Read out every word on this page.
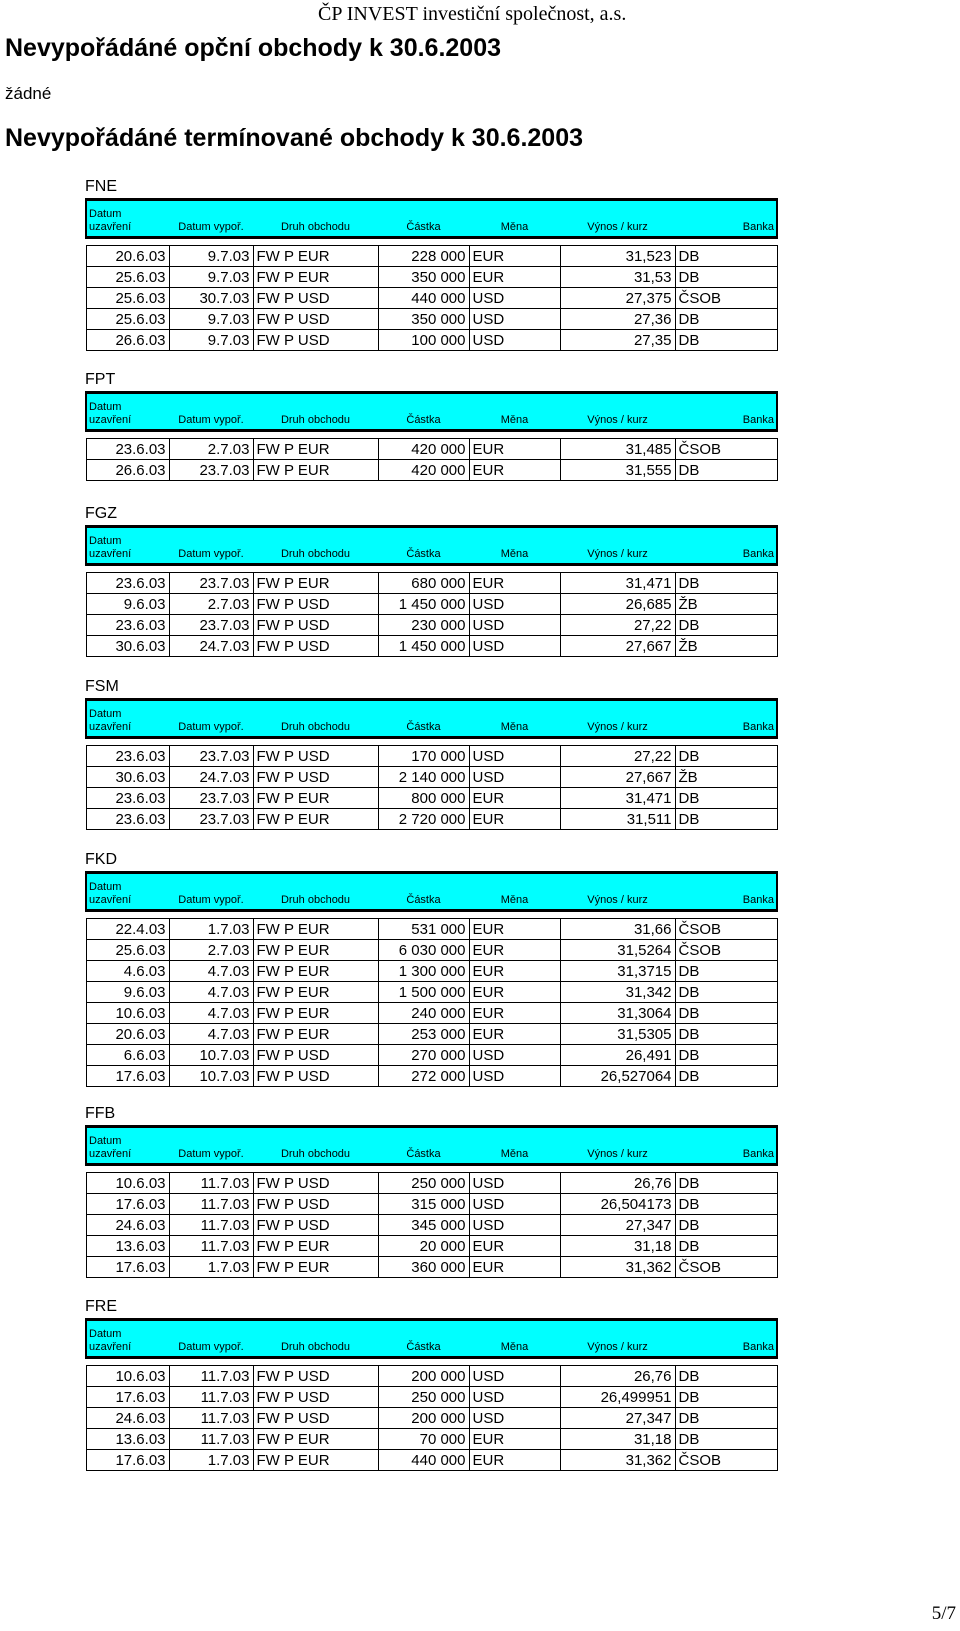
ČP INVEST investiční společnost, a.s.
Nevypořádáné opční obchody k 30.6.2003
žádné
Nevypořádáné termínované obchody k 30.6.2003
FNE
Datum
uzavření	Datum vypoř.	Druh obchodu	Částka	Měna	Výnos / kurz	Banka

20.6.03	9.7.03	FW P EUR	228 000	EUR	31,523	DB
25.6.03	9.7.03	FW P EUR	350 000	EUR	31,53	DB
25.6.03	30.7.03	FW P USD	440 000	USD	27,375	ČSOB
25.6.03	9.7.03	FW P USD	350 000	USD	27,36	DB
26.6.03	9.7.03	FW P USD	100 000	USD	27,35	DB
FPT
Datum
uzavření	Datum vypoř.	Druh obchodu	Částka	Měna	Výnos / kurz	Banka

23.6.03	2.7.03	FW P EUR	420 000	EUR	31,485	ČSOB
26.6.03	23.7.03	FW P EUR	420 000	EUR	31,555	DB
FGZ
Datum
uzavření	Datum vypoř.	Druh obchodu	Částka	Měna	Výnos / kurz	Banka

23.6.03	23.7.03	FW P EUR	680 000	EUR	31,471	DB
9.6.03	2.7.03	FW P USD	1 450 000	USD	26,685	ŽB
23.6.03	23.7.03	FW P USD	230 000	USD	27,22	DB
30.6.03	24.7.03	FW P USD	1 450 000	USD	27,667	ŽB
FSM
Datum
uzavření	Datum vypoř.	Druh obchodu	Částka	Měna	Výnos / kurz	Banka

23.6.03	23.7.03	FW P USD	170 000	USD	27,22	DB
30.6.03	24.7.03	FW P USD	2 140 000	USD	27,667	ŽB
23.6.03	23.7.03	FW P EUR	800 000	EUR	31,471	DB
23.6.03	23.7.03	FW P EUR	2 720 000	EUR	31,511	DB
FKD
Datum
uzavření	Datum vypoř.	Druh obchodu	Částka	Měna	Výnos / kurz	Banka

22.4.03	1.7.03	FW P EUR	531 000	EUR	31,66	ČSOB
25.6.03	2.7.03	FW P EUR	6 030 000	EUR	31,5264	ČSOB
4.6.03	4.7.03	FW P EUR	1 300 000	EUR	31,3715	DB
9.6.03	4.7.03	FW P EUR	1 500 000	EUR	31,342	DB
10.6.03	4.7.03	FW P EUR	240 000	EUR	31,3064	DB
20.6.03	4.7.03	FW P EUR	253 000	EUR	31,5305	DB
6.6.03	10.7.03	FW P USD	270 000	USD	26,491	DB
17.6.03	10.7.03	FW P USD	272 000	USD	26,527064	DB
FFB
Datum
uzavření	Datum vypoř.	Druh obchodu	Částka	Měna	Výnos / kurz	Banka

10.6.03	11.7.03	FW P USD	250 000	USD	26,76	DB
17.6.03	11.7.03	FW P USD	315 000	USD	26,504173	DB
24.6.03	11.7.03	FW P USD	345 000	USD	27,347	DB
13.6.03	11.7.03	FW P EUR	20 000	EUR	31,18	DB
17.6.03	1.7.03	FW P EUR	360 000	EUR	31,362	ČSOB
FRE
Datum
uzavření	Datum vypoř.	Druh obchodu	Částka	Měna	Výnos / kurz	Banka

10.6.03	11.7.03	FW P USD	200 000	USD	26,76	DB
17.6.03	11.7.03	FW P USD	250 000	USD	26,499951	DB
24.6.03	11.7.03	FW P USD	200 000	USD	27,347	DB
13.6.03	11.7.03	FW P EUR	70 000	EUR	31,18	DB
17.6.03	1.7.03	FW P EUR	440 000	EUR	31,362	ČSOB
5/7
